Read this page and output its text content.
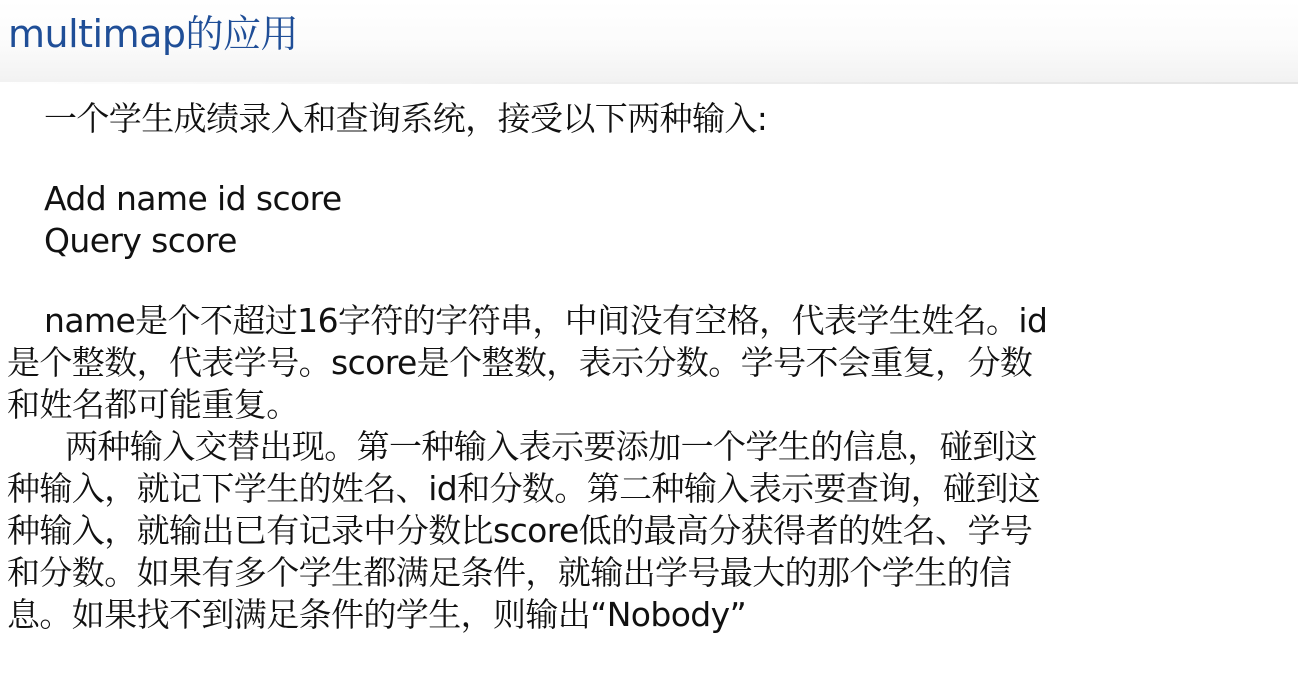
multimap的应用
一个学生成绩录入和查询系统，接受以下两种输入:
Add name id score
Query score
name是个不超过16字符的字符串，中间没有空格，代表学生姓名。id
是个整数，代表学号。score是个整数，表示分数。学号不会重复，分数
和姓名都可能重复。
两种输入交替出现。第一种输入表示要添加一个学生的信息，碰到这
种输入，就记下学生的姓名、id和分数。第二种输入表示要查询，碰到这
种输入，就输出已有记录中分数比score低的最高分获得者的姓名、学号
和分数。如果有多个学生都满足条件，就输出学号最大的那个学生的信
息。如果找不到满足条件的学生，则输出“Nobody”
